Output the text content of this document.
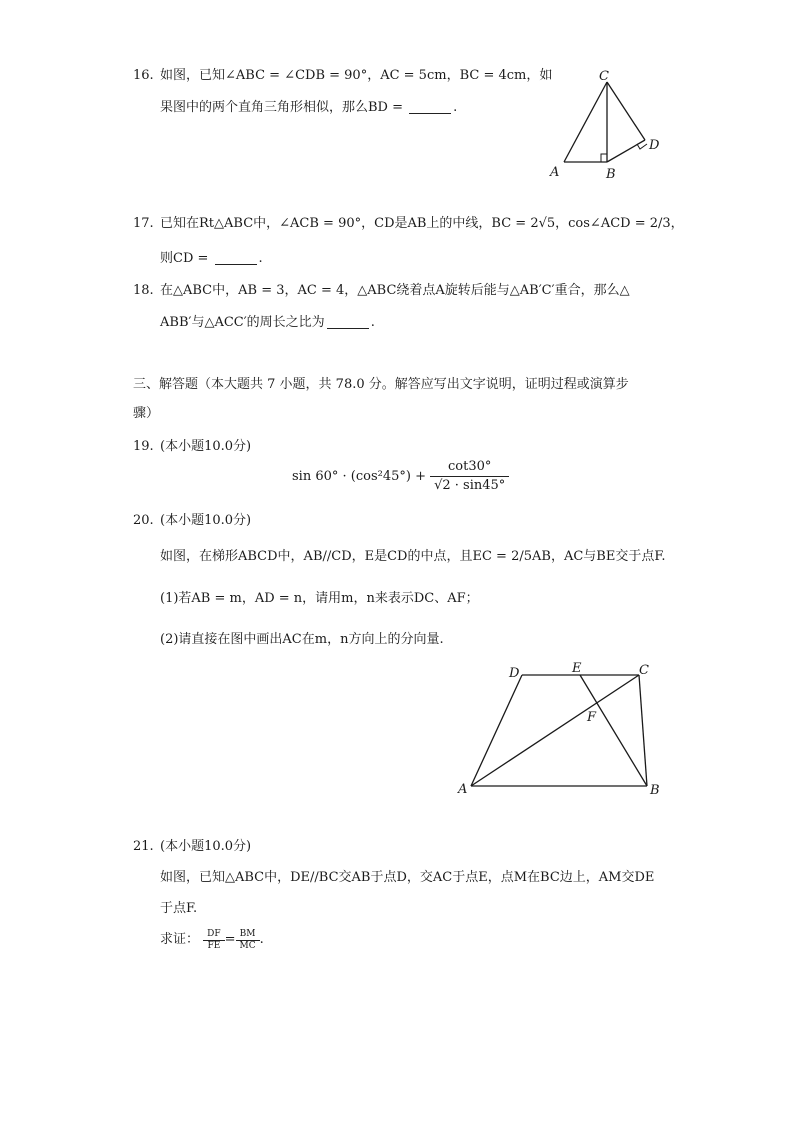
16. 如图，已知∠ABC = ∠CDB = 90°，AC = 5cm，BC = 4cm，如
果图中的两个直角三角形相似，那么BD =	.
C
D
A	B
17. 已知在Rt△ABC中，∠ACB = 90°，CD是AB上的中线，BC = 2√5，cos∠ACD = 2/3，
则CD =	.
18. 在△ABC中，AB = 3，AC = 4，△ABC绕着点A旋转后能与△AB′C′重合，那么△
ABB′与△ACC′的周长之比为	.
三、解答题（本大题共 7 小题，共 78.0 分。解答应写出文字说明，证明过程或演算步
骤）
19. (本小题10.0分)
$\sin 60^\circ \cdot (\cos^245^\circ) + \frac{\cot 30^\circ}{√2 \cdot \sin 45^\circ}$
20. (本小题10.0分)
如图，在梯形ABCD中，AB//CD，E是CD的中点，且EC = 2/5AB，AC与BE交于点F.
(1)若AB = m，AD = n，请用m，n来表示DC、AF；
(2)请直接在图中画出AC在m，n方向上的分向量.
D	E	C
F
A	B
21. (本小题10.0分)
如图，已知△ABC中，DE//BC交AB于点D，交AC于点E，点M在BC边上，AM交DE
于点F.
求证： $\frac{DF}{FE} = \frac{BM}{MC}$ .
